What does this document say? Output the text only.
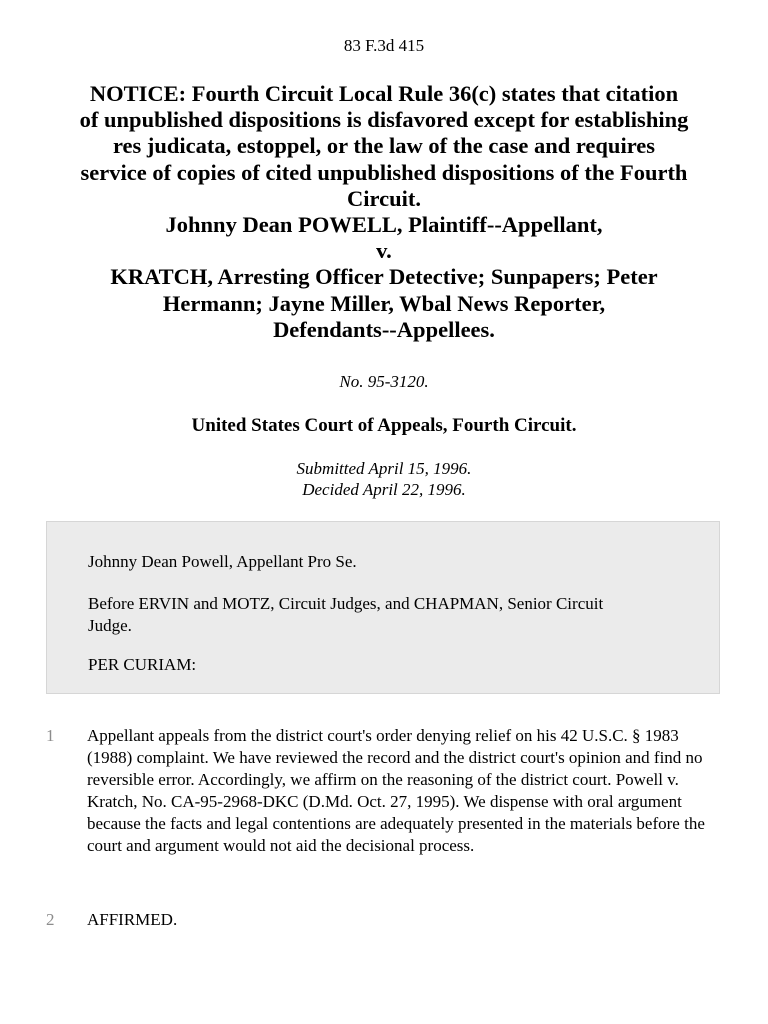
83 F.3d 415
NOTICE: Fourth Circuit Local Rule 36(c) states that citation
of unpublished dispositions is disfavored except for establishing
res judicata, estoppel, or the law of the case and requires
service of copies of cited unpublished dispositions of the Fourth
Circuit.
Johnny Dean POWELL, Plaintiff--Appellant,
v.
KRATCH, Arresting Officer Detective; Sunpapers; Peter
Hermann; Jayne Miller, Wbal News Reporter,
Defendants--Appellees.
No. 95-3120.
United States Court of Appeals, Fourth Circuit.
Submitted April 15, 1996.
Decided April 22, 1996.

Johnny Dean Powell, Appellant Pro Se.

Before ERVIN and MOTZ, Circuit Judges, and CHAPMAN, Senior Circuit Judge.

PER CURIAM:

1	Appellant appeals from the district court's order denying relief on his 42 U.S.C. § 1983 (1988) complaint. We have reviewed the record and the district court's opinion and find no reversible error. Accordingly, we affirm on the reasoning of the district court. Powell v. Kratch, No. CA-95-2968-DKC (D.Md. Oct. 27, 1995). We dispense with oral argument because the facts and legal contentions are adequately presented in the materials before the court and argument would not aid the decisional process.
2	AFFIRMED.
